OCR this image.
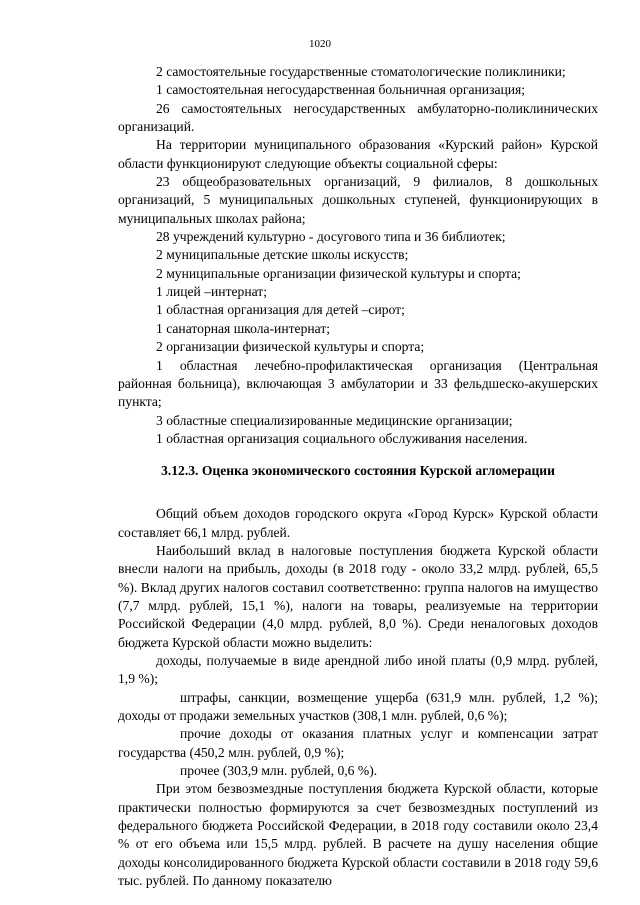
1020

2 самостоятельные государственные стоматологические поликлиники;

1 самостоятельная негосударственная больничная организация;

26 самостоятельных негосударственных амбулаторно-поликлинических организаций.

На территории муниципального образования «Курский район» Курской области функционируют следующие объекты социальной сферы:

23 общеобразовательных организаций, 9 филиалов, 8 дошкольных организаций, 5 муниципальных дошкольных ступеней, функционирующих в муниципальных школах района;

28 учреждений культурно - досугового типа и 36 библиотек;

2 муниципальные детские школы искусств;

2 муниципальные организации физической культуры и спорта;

1 лицей –интернат;

1 областная организация для детей –сирот;

1 санаторная школа-интернат;

2 организации физической культуры и спорта;

1 областная лечебно-профилактическая организация (Центральная районная больница), включающая 3 амбулатории и 33 фельдшеско-акушерских пункта;

3 областные специализированные медицинские организации;

1 областная организация социального обслуживания населения.

3.12.3. Оценка экономического состояния Курской агломерации

Общий объем доходов городского округа «Город Курск» Курской области составляет 66,1 млрд. рублей.

Наибольший вклад в налоговые поступления бюджета Курской области внесли налоги на прибыль, доходы (в 2018 году - около 33,2 млрд. рублей, 65,5 %). Вклад других налогов составил соответственно: группа налогов на имущество (7,7 млрд. рублей, 15,1 %), налоги на товары, реализуемые на территории Российской Федерации (4,0 млрд. рублей, 8,0 %). Среди неналоговых доходов бюджета Курской области можно выделить:

доходы, получаемые в виде арендной либо иной платы (0,9 млрд. рублей, 1,9 %);

штрафы, санкции, возмещение ущерба (631,9 млн. рублей, 1,2 %); доходы от продажи земельных участков (308,1 млн. рублей, 0,6 %);

прочие доходы от оказания платных услуг и компенсации затрат государства (450,2 млн. рублей, 0,9 %);

прочее (303,9 млн. рублей, 0,6 %).

При этом безвозмездные поступления бюджета Курской области, которые практически полностью формируются за счет безвозмездных поступлений из федерального бюджета Российской Федерации, в 2018 году составили около 23,4 % от его объема или 15,5 млрд. рублей. В расчете на душу населения общие доходы консолидированного бюджета Курской области составили в 2018 году 59,6 тыс. рублей. По данному показателю
